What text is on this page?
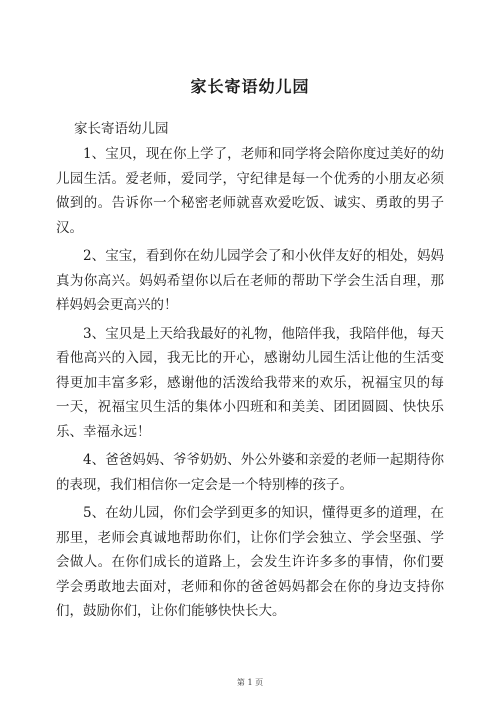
家长寄语幼儿园
家长寄语幼儿园

1、宝贝，现在你上学了，老师和同学将会陪你度过美好的幼儿园生活。爱老师，爱同学，守纪律是每一个优秀的小朋友必须做到的。告诉你一个秘密老师就喜欢爱吃饭、诚实、勇敢的男子汉。

2、宝宝，看到你在幼儿园学会了和小伙伴友好的相处，妈妈真为你高兴。妈妈希望你以后在老师的帮助下学会生活自理，那样妈妈会更高兴的！

3、宝贝是上天给我最好的礼物，他陪伴我，我陪伴他，每天看他高兴的入园，我无比的开心，感谢幼儿园生活让他的生活变得更加丰富多彩，感谢他的活泼给我带来的欢乐，祝福宝贝的每一天，祝福宝贝生活的集体小四班和和美美、团团圆圆、快快乐乐、幸福永远！

4、爸爸妈妈、爷爷奶奶、外公外婆和亲爱的老师一起期待你的表现，我们相信你一定会是一个特别棒的孩子。

5、在幼儿园，你们会学到更多的知识，懂得更多的道理，在那里，老师会真诚地帮助你们，让你们学会独立、学会坚强、学会做人。在你们成长的道路上，会发生许许多多的事情，你们要学会勇敢地去面对，老师和你的爸爸妈妈都会在你的身边支持你们，鼓励你们，让你们能够快快长大。

第 1 页
